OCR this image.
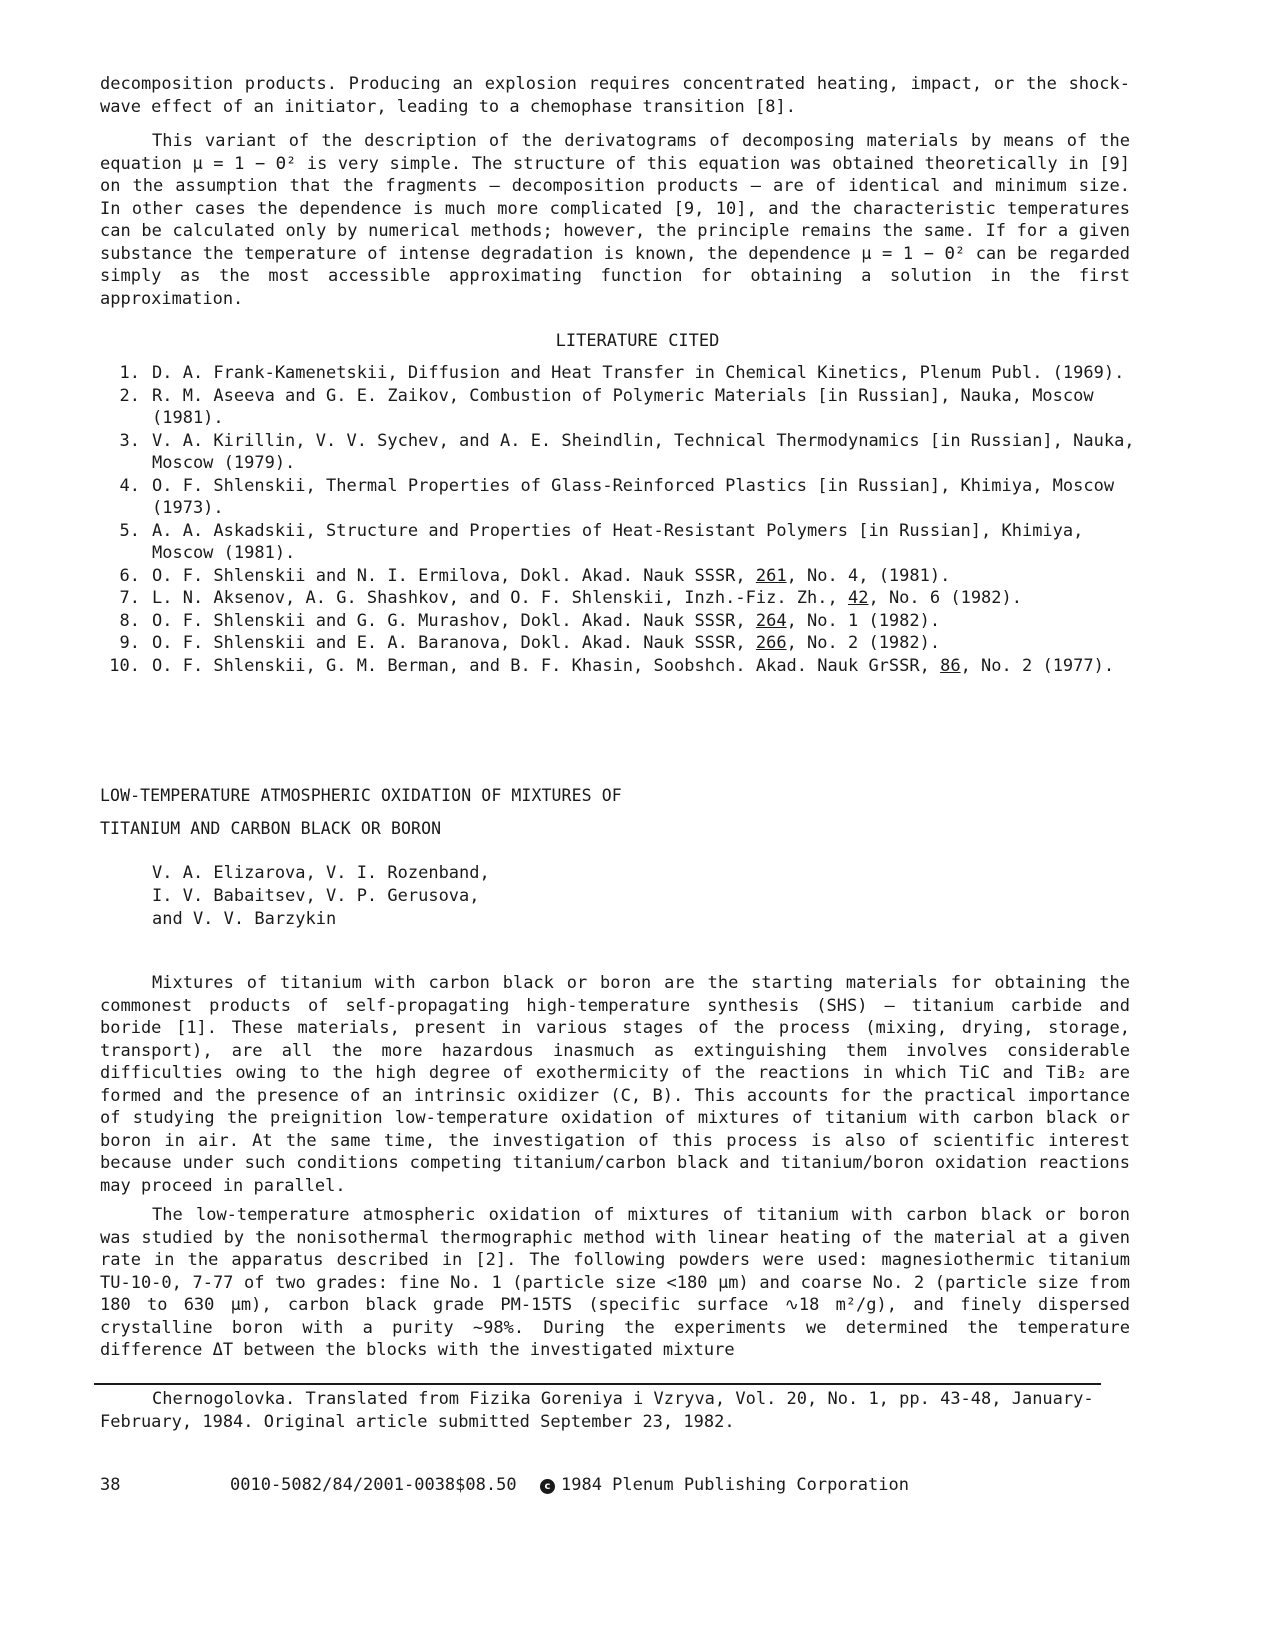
decomposition products. Producing an explosion requires concentrated heating, impact, or the shock-wave effect of an initiator, leading to a chemophase transition [8].

This variant of the description of the derivatograms of decomposing materials by means of the equation μ = 1 − Θ² is very simple. The structure of this equation was obtained theoretically in [9] on the assumption that the fragments — decomposition products — are of identical and minimum size. In other cases the dependence is much more complicated [9, 10], and the characteristic temperatures can be calculated only by numerical methods; however, the principle remains the same. If for a given substance the temperature of intense degradation is known, the dependence μ = 1 − Θ² can be regarded simply as the most accessible approximating function for obtaining a solution in the first approximation.

LITERATURE CITED

1. D. A. Frank-Kamenetskii, Diffusion and Heat Transfer in Chemical Kinetics, Plenum Publ. (1969).
2. R. M. Aseeva and G. E. Zaikov, Combustion of Polymeric Materials [in Russian], Nauka, Moscow (1981).
3. V. A. Kirillin, V. V. Sychev, and A. E. Sheindlin, Technical Thermodynamics [in Russian], Nauka, Moscow (1979).
4. O. F. Shlenskii, Thermal Properties of Glass-Reinforced Plastics [in Russian], Khimiya, Moscow (1973).
5. A. A. Askadskii, Structure and Properties of Heat-Resistant Polymers [in Russian], Khimiya, Moscow (1981).
6. O. F. Shlenskii and N. I. Ermilova, Dokl. Akad. Nauk SSSR, 261, No. 4, (1981).
7. L. N. Aksenov, A. G. Shashkov, and O. F. Shlenskii, Inzh.-Fiz. Zh., 42, No. 6 (1982).
8. O. F. Shlenskii and G. G. Murashov, Dokl. Akad. Nauk SSSR, 264, No. 1 (1982).
9. O. F. Shlenskii and E. A. Baranova, Dokl. Akad. Nauk SSSR, 266, No. 2 (1982).
10. O. F. Shlenskii, G. M. Berman, and B. F. Khasin, Soobshch. Akad. Nauk GrSSR, 86, No. 2 (1977).

LOW-TEMPERATURE ATMOSPHERIC OXIDATION OF MIXTURES OF

TITANIUM AND CARBON BLACK OR BORON

V. A. Elizarova, V. I. Rozenband,
I. V. Babaitsev, V. P. Gerusova,
and V. V. Barzykin

Mixtures of titanium with carbon black or boron are the starting materials for obtaining the commonest products of self-propagating high-temperature synthesis (SHS) — titanium carbide and boride [1]. These materials, present in various stages of the process (mixing, drying, storage, transport), are all the more hazardous inasmuch as extinguishing them involves considerable difficulties owing to the high degree of exothermicity of the reactions in which TiC and TiB₂ are formed and the presence of an intrinsic oxidizer (C, B). This accounts for the practical importance of studying the preignition low-temperature oxidation of mixtures of titanium with carbon black or boron in air. At the same time, the investigation of this process is also of scientific interest because under such conditions competing titanium/carbon black and titanium/boron oxidation reactions may proceed in parallel.

The low-temperature atmospheric oxidation of mixtures of titanium with carbon black or boron was studied by the nonisothermal thermographic method with linear heating of the material at a given rate in the apparatus described in [2]. The following powders were used: magnesiothermic titanium TU-10-0, 7-77 of two grades: fine No. 1 (particle size <180 μm) and coarse No. 2 (particle size from 180 to 630 μm), carbon black grade PM-15TS (specific surface ∿18 m²/g), and finely dispersed crystalline boron with a purity ~98%. During the experiments we determined the temperature difference ΔT between the blocks with the investigated mixture

Chernogolovka. Translated from Fizika Goreniya i Vzryva, Vol. 20, No. 1, pp. 43-48, January-February, 1984. Original article submitted September 23, 1982.

38	0010-5082/84/2001-0038$08.50	c 1984 Plenum Publishing Corporation
